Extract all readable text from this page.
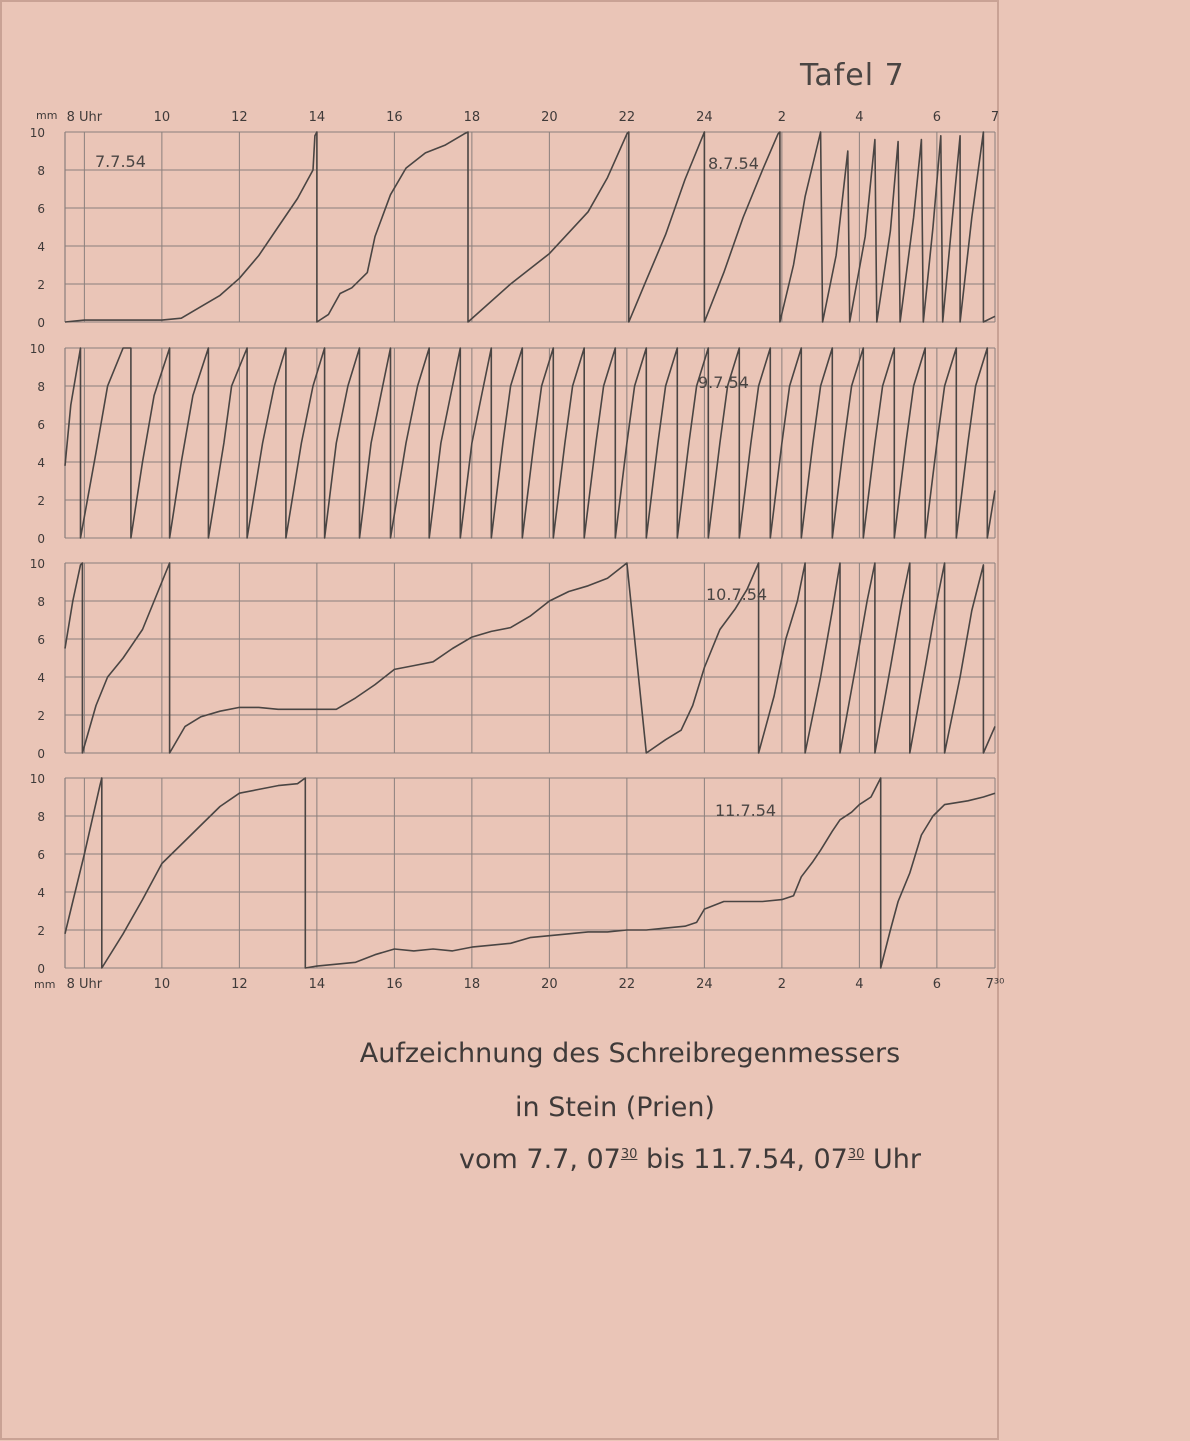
0
2
4
6
8
10
7.7.54	8.7.54
0
2
4
6
8
10
9.7.54
0
2
4
6
8
10
10.7.54
0
2
4
6
8
10
11.7.54
8 Uhr	10	12	14	16	18	20	22	24	2	4	6	7
mm
8 Uhr	10	12	14	16	18	20	22	24	2	4	6	7³⁰
mm
Tafel 7
Aufzeichnung des Schreibregenmessers
in Stein (Prien)
vom 7.7, $07^{30}$ bis 11.7.54, $07^{30}$ Uhr
